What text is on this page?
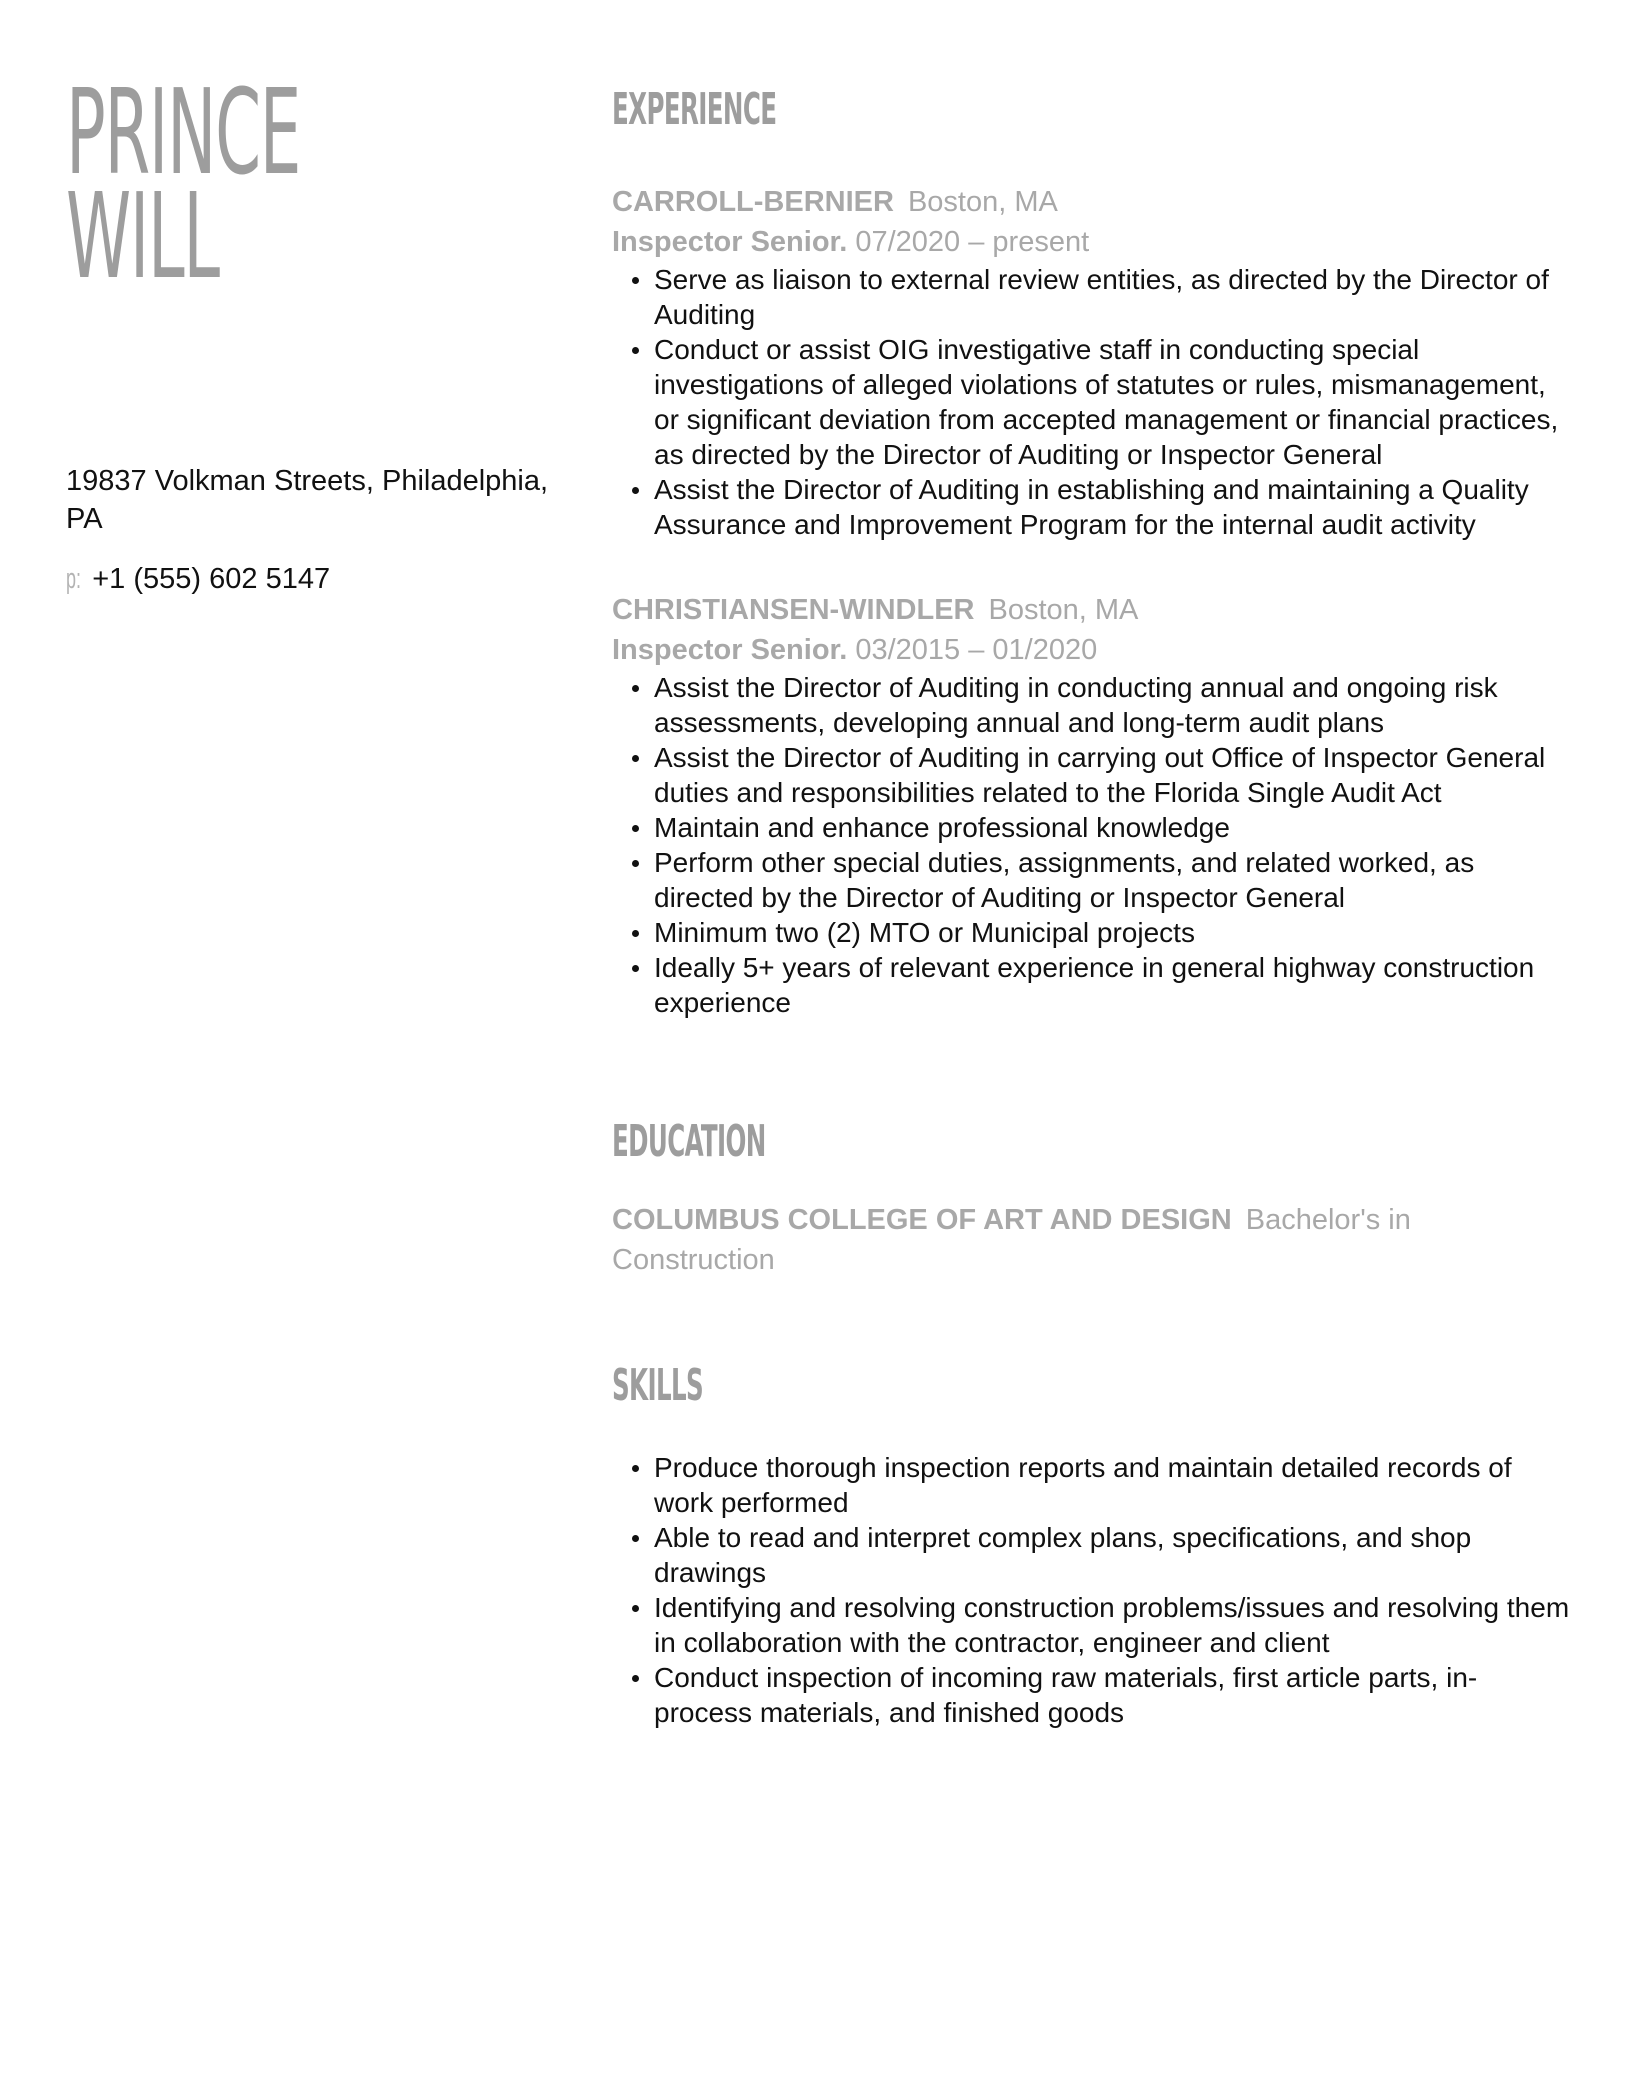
PRINCE
WILL
19837 Volkman Streets, Philadelphia, PA
p: +1 (555) 602 5147
EXPERIENCE
CARROLL-BERNIER Boston, MA
Inspector Senior. 07/2020 – present
Serve as liaison to external review entities, as directed by the Director of Auditing
Conduct or assist OIG investigative staff in conducting special investigations of alleged violations of statutes or rules, mismanagement, or significant deviation from accepted management or financial practices, as directed by the Director of Auditing or Inspector General
Assist the Director of Auditing in establishing and maintaining a Quality Assurance and Improvement Program for the internal audit activity
CHRISTIANSEN-WINDLER Boston, MA
Inspector Senior. 03/2015 – 01/2020
Assist the Director of Auditing in conducting annual and ongoing risk assessments, developing annual and long-term audit plans
Assist the Director of Auditing in carrying out Office of Inspector General duties and responsibilities related to the Florida Single Audit Act
Maintain and enhance professional knowledge
Perform other special duties, assignments, and related worked, as directed by the Director of Auditing or Inspector General
Minimum two (2) MTO or Municipal projects
Ideally 5+ years of relevant experience in general highway construction experience
EDUCATION
COLUMBUS COLLEGE OF ART AND DESIGN Bachelor's in Construction
SKILLS
Produce thorough inspection reports and maintain detailed records of work performed
Able to read and interpret complex plans, specifications, and shop drawings
Identifying and resolving construction problems/issues and resolving them in collaboration with the contractor, engineer and client
Conduct inspection of incoming raw materials, first article parts, in-process materials, and finished goods
